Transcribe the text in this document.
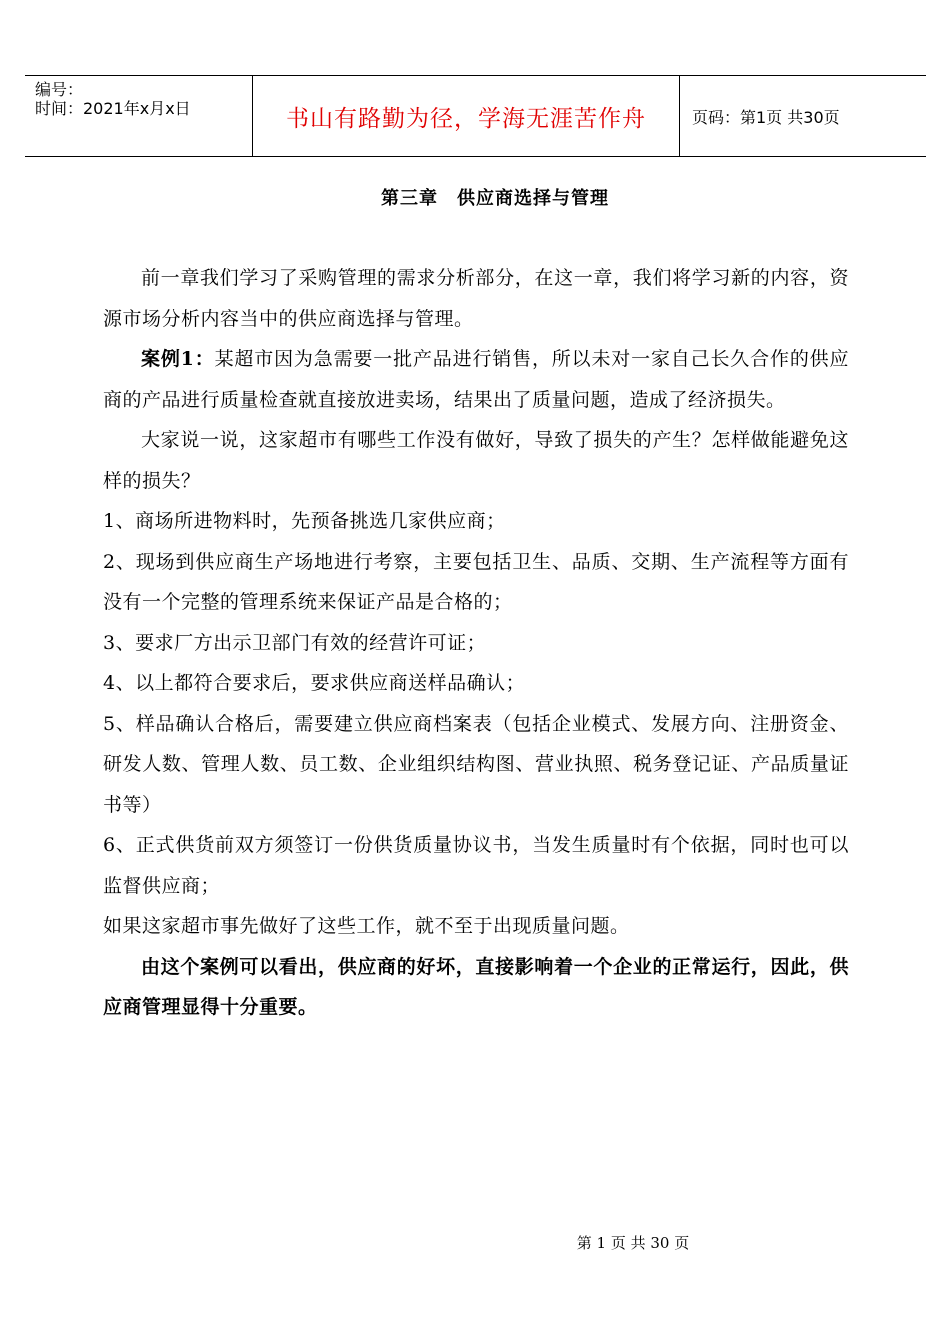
编号：
时间：2021年x月x日	书山有路勤为径，学海无涯苦作舟	页码：第1页 共30页
第三章　供应商选择与管理

前一章我们学习了采购管理的需求分析部分，在这一章，我们将学习新的内容，资源市场分析内容当中的供应商选择与管理。

案例1：某超市因为急需要一批产品进行销售，所以未对一家自己长久合作的供应商的产品进行质量检查就直接放进卖场，结果出了质量问题，造成了经济损失。

大家说一说，这家超市有哪些工作没有做好，导致了损失的产生？怎样做能避免这样的损失？

1、商场所进物料时，先预备挑选几家供应商；

2、现场到供应商生产场地进行考察，主要包括卫生、品质、交期、生产流程等方面有没有一个完整的管理系统来保证产品是合格的；

3、要求厂方出示卫部门有效的经营许可证；

4、以上都符合要求后，要求供应商送样品确认；

5、样品确认合格后，需要建立供应商档案表（包括企业模式、发展方向、注册资金、研发人数、管理人数、员工数、企业组织结构图、营业执照、税务登记证、产品质量证书等）

6、正式供货前双方须签订一份供货质量协议书，当发生质量时有个依据，同时也可以监督供应商；

如果这家超市事先做好了这些工作，就不至于出现质量问题。

由这个案例可以看出，供应商的好坏，直接影响着一个企业的正常运行，因此，供应商管理显得十分重要。

第 1 页 共 30 页
